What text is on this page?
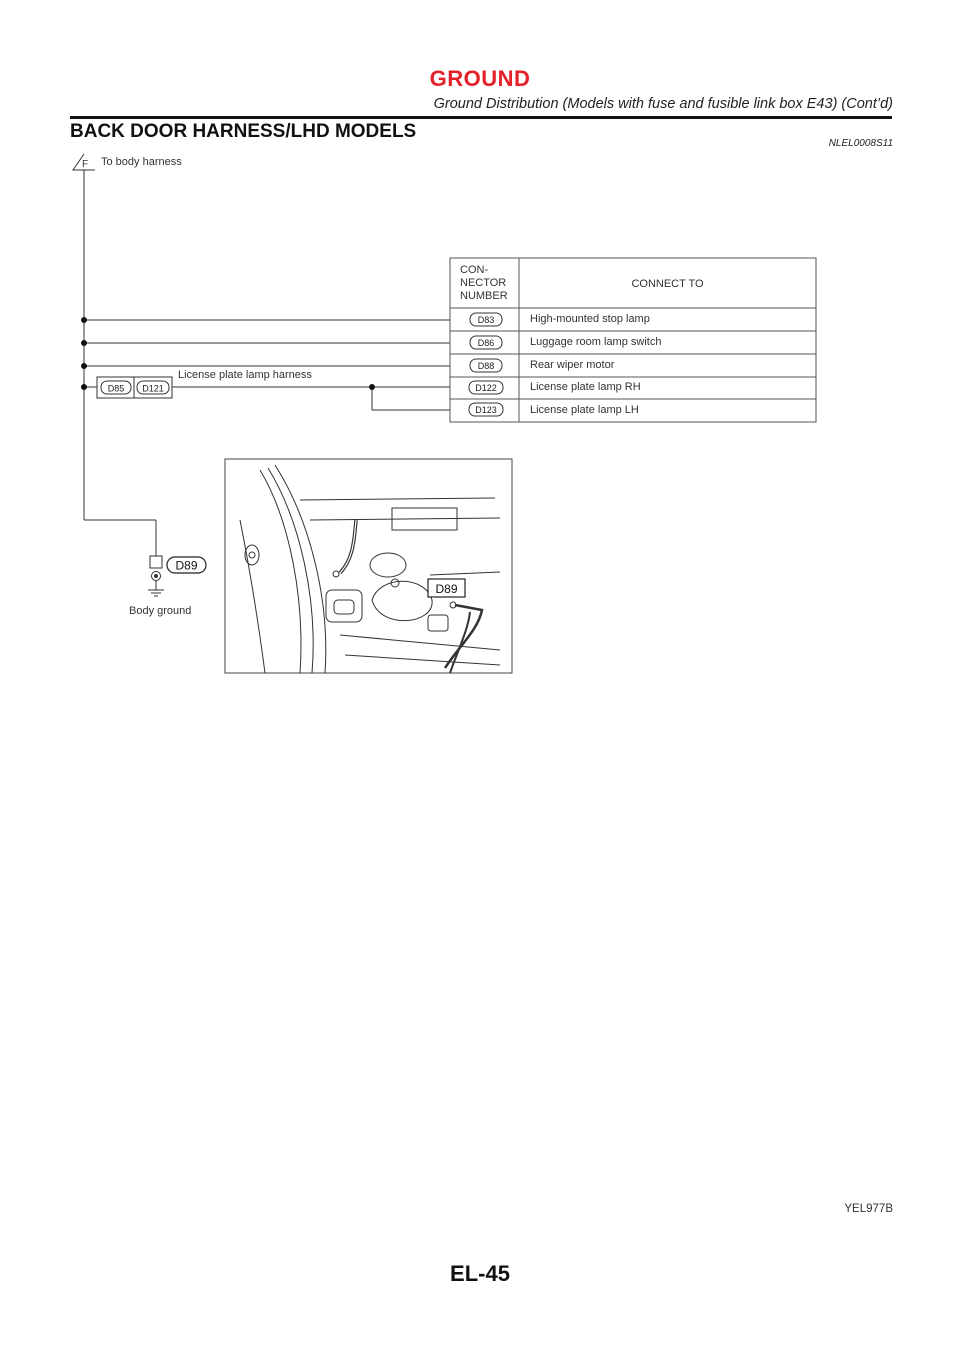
GROUND
Ground Distribution (Models with fuse and fusible link box E43) (Cont’d)
BACK DOOR HARNESS/LHD MODELS
NLEL0008S11
F
D85 D121
D83
D86
D88
D122
D123
D89
D89
To body harness
CON-
NECTOR
NUMBER
CONNECT TO
High-mounted stop lamp
Luggage room lamp switch
Rear wiper motor
License plate lamp RH
License plate lamp LH
License plate lamp harness
Body ground
YEL977B
EL-45
